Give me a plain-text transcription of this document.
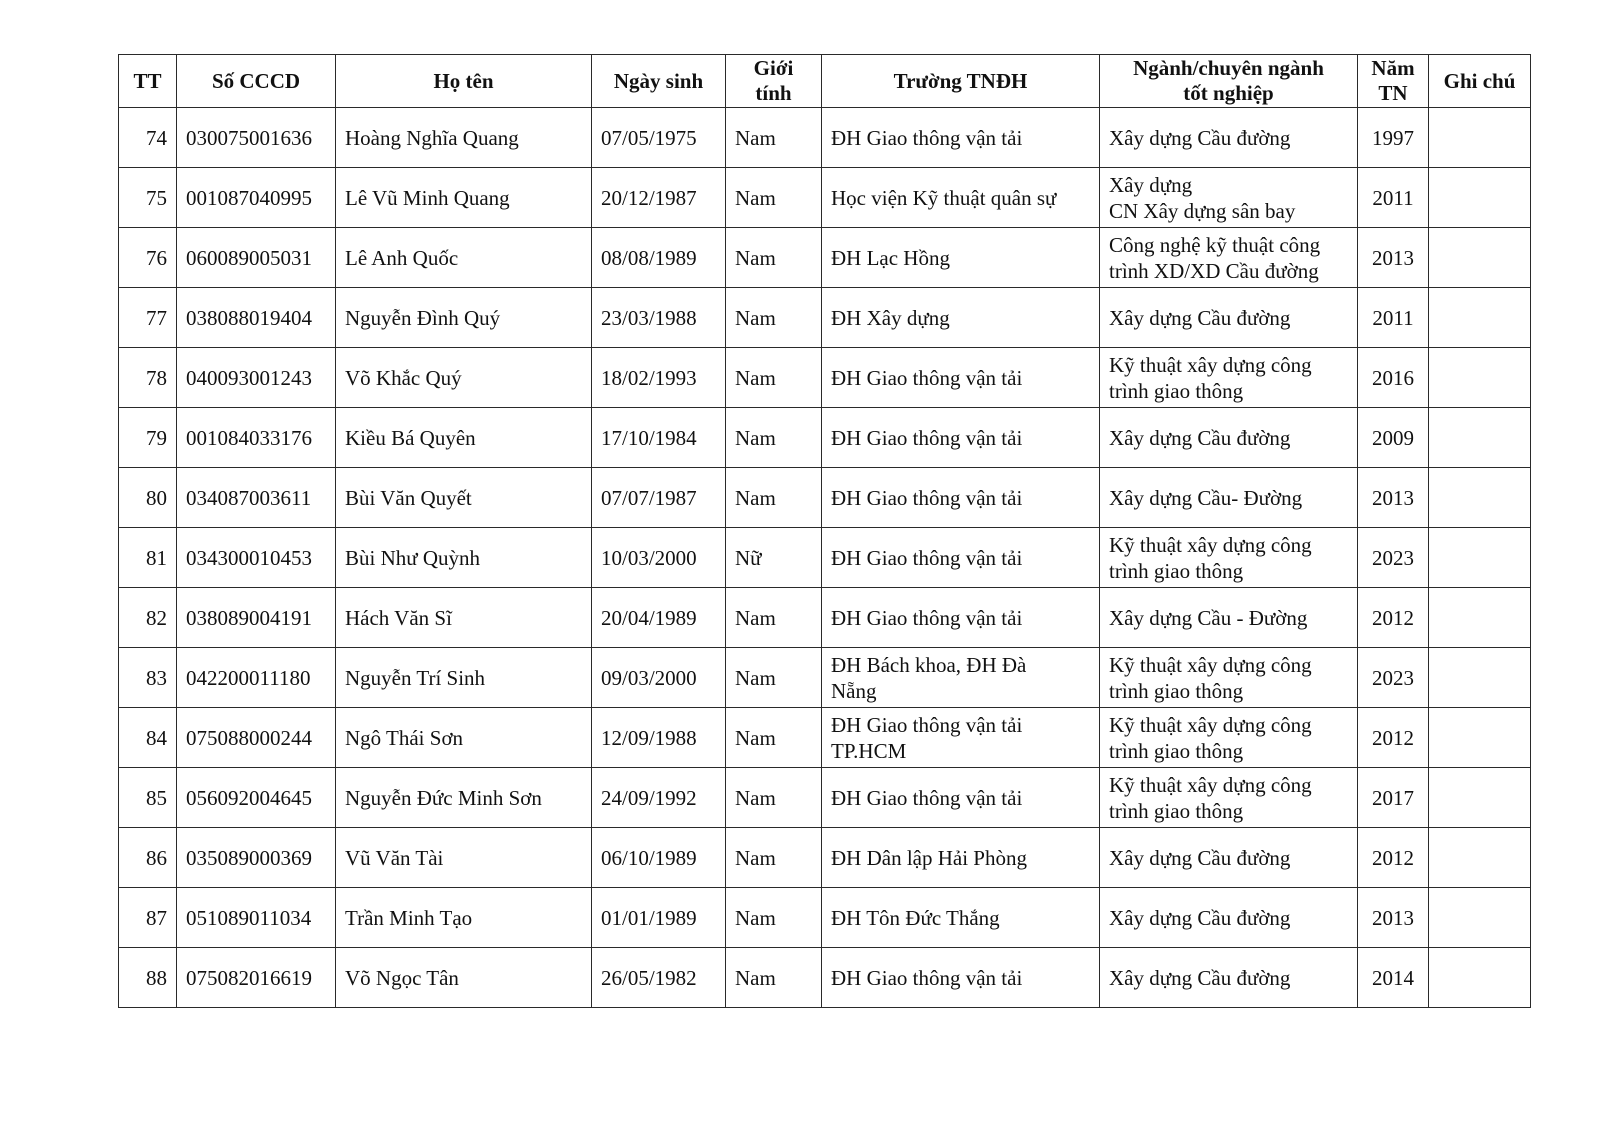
TT	Số CCCD	Họ tên	Ngày sinh	Giới
tính	Trường TNĐH	Ngành/chuyên ngành
tốt nghiệp	Năm
TN	Ghi chú
74	030075001636	Hoàng Nghĩa Quang	07/05/1975	Nam	ĐH Giao thông vận tải	Xây dựng Cầu đường	1997	
75	001087040995	Lê Vũ Minh Quang	20/12/1987	Nam	Học viện Kỹ thuật quân sự	Xây dựng
CN Xây dựng sân bay	2011	
76	060089005031	Lê Anh Quốc	08/08/1989	Nam	ĐH Lạc Hồng	Công nghệ kỹ thuật công
trình XD/XD Cầu đường	2013	
77	038088019404	Nguyễn Đình Quý	23/03/1988	Nam	ĐH Xây dựng	Xây dựng Cầu đường	2011	
78	040093001243	Võ Khắc Quý	18/02/1993	Nam	ĐH Giao thông vận tải	Kỹ thuật xây dựng công
trình giao thông	2016	
79	001084033176	Kiều Bá Quyên	17/10/1984	Nam	ĐH Giao thông vận tải	Xây dựng Cầu đường	2009	
80	034087003611	Bùi Văn Quyết	07/07/1987	Nam	ĐH Giao thông vận tải	Xây dựng Cầu- Đường	2013	
81	034300010453	Bùi Như Quỳnh	10/03/2000	Nữ	ĐH Giao thông vận tải	Kỹ thuật xây dựng công
trình giao thông	2023	
82	038089004191	Hách Văn Sĩ	20/04/1989	Nam	ĐH Giao thông vận tải	Xây dựng Cầu - Đường	2012	
83	042200011180	Nguyễn Trí Sinh	09/03/2000	Nam	ĐH Bách khoa, ĐH Đà
Nẵng	Kỹ thuật xây dựng công
trình giao thông	2023	
84	075088000244	Ngô Thái Sơn	12/09/1988	Nam	ĐH Giao thông vận tải
TP.HCM	Kỹ thuật xây dựng công
trình giao thông	2012	
85	056092004645	Nguyễn Đức Minh Sơn	24/09/1992	Nam	ĐH Giao thông vận tải	Kỹ thuật xây dựng công
trình giao thông	2017	
86	035089000369	Vũ Văn Tài	06/10/1989	Nam	ĐH Dân lập Hải Phòng	Xây dựng Cầu đường	2012	
87	051089011034	Trần Minh Tạo	01/01/1989	Nam	ĐH Tôn Đức Thắng	Xây dựng Cầu đường	2013	
88	075082016619	Võ Ngọc Tân	26/05/1982	Nam	ĐH Giao thông vận tải	Xây dựng Cầu đường	2014	
